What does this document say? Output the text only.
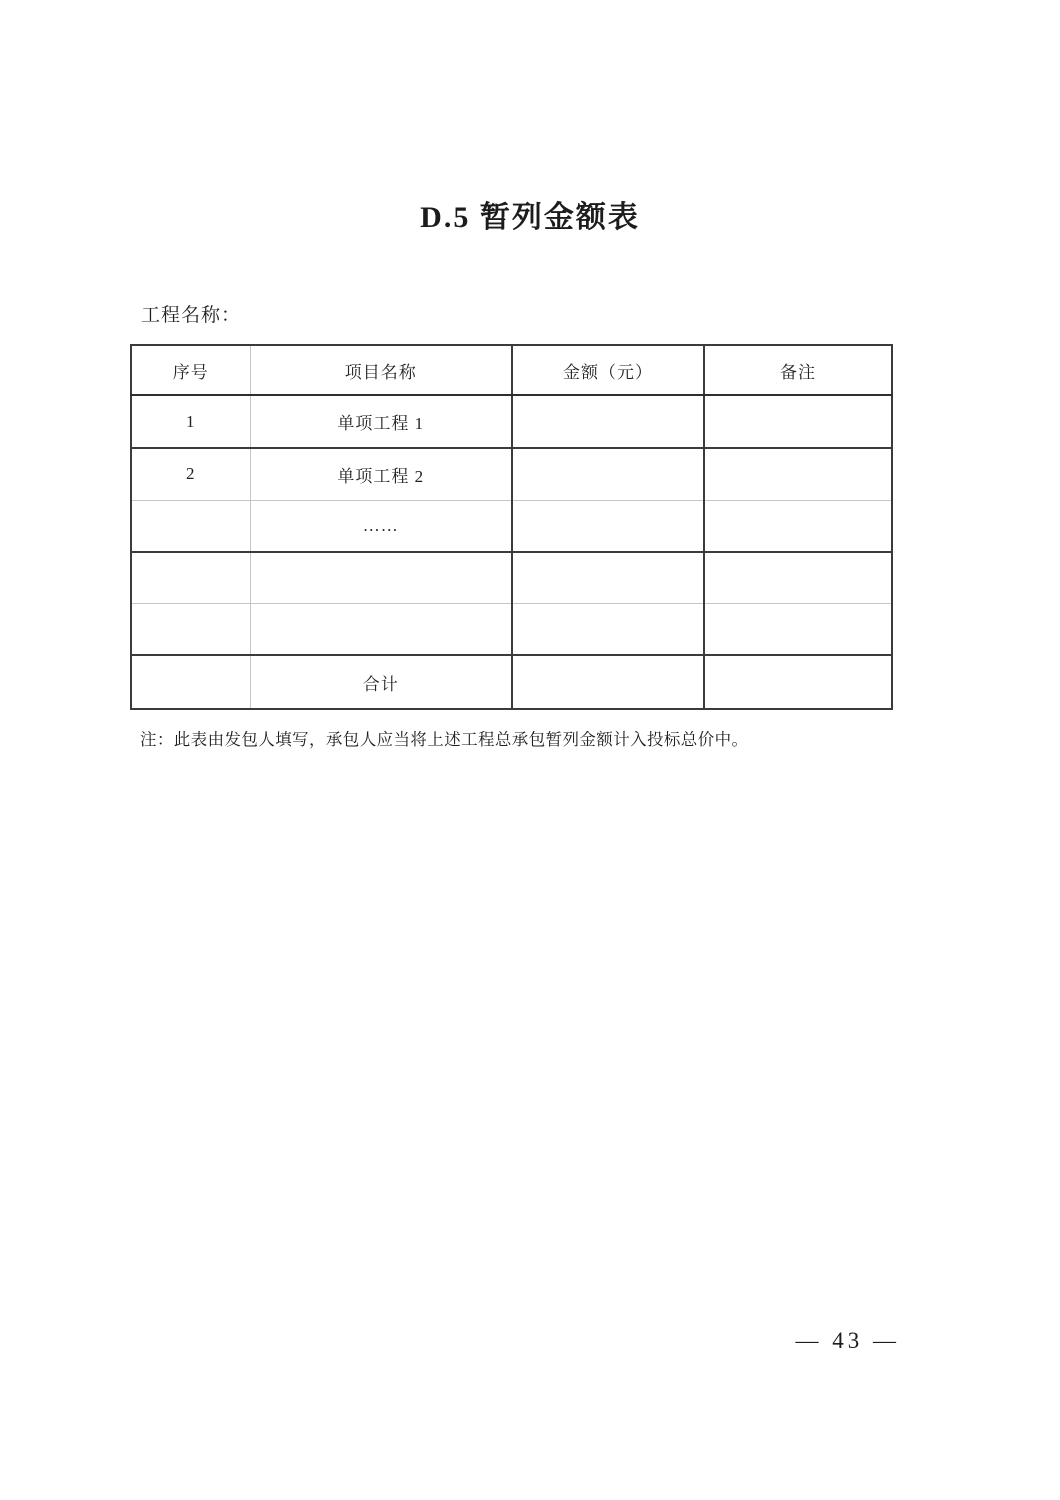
D.5 暂列金额表
工程名称：
序号	项目名称	金额（元）	备注
1	单项工程 1		
2	单项工程 2		
	……		

	合计		
注：此表由发包人填写，承包人应当将上述工程总承包暂列金额计入投标总价中。
— 43 —
